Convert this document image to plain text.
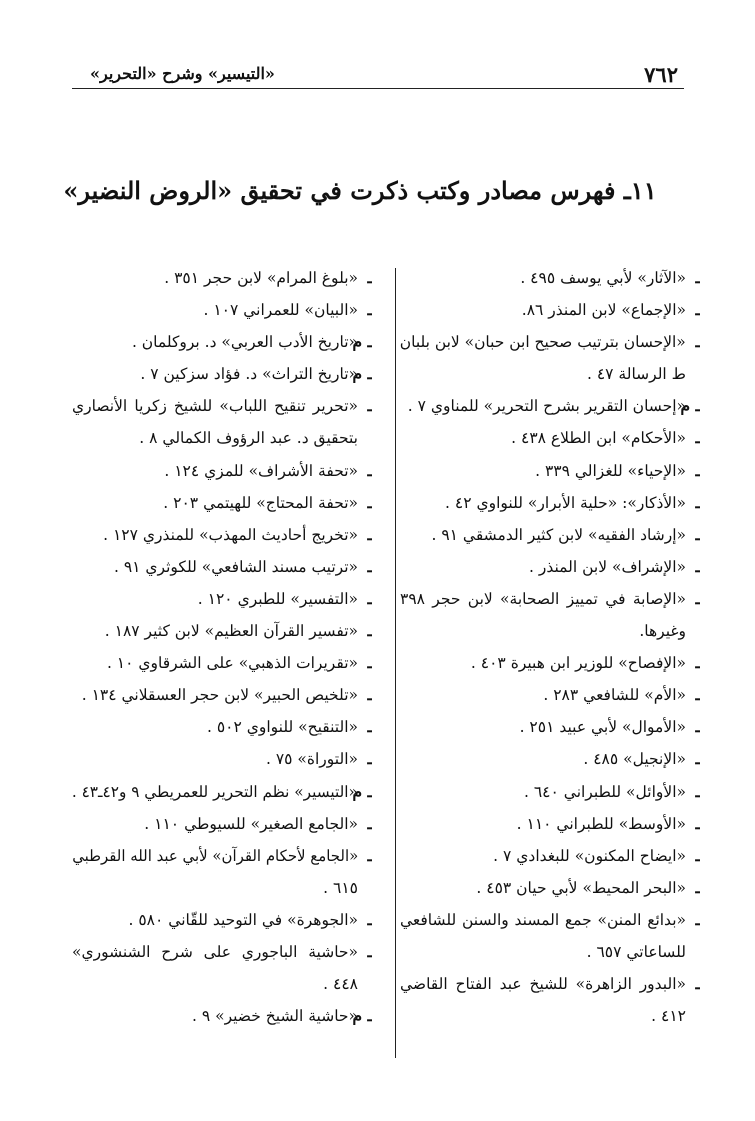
٧٦٢
«التيسير» وشرح «التحرير»
١١ـ فهرس مصادر وكتب ذكرت في تحقيق «الروض النضير»
ـ
«الآثار» لأبي يوسف ٤٩٥ .
ـ
«الإجماع» لابن المنذر ٨٦.
ـ
«الإحسان بترتيب صحيح ابن حبان» لابن بلبان
ط الرسالة ٤٧ .
ـ م
«إحسان التقرير بشرح التحرير» للمناوي ٧ .
ـ
«الأحكام» ابن الطلاع ٤٣٨ .
ـ
«الإحياء» للغزالي ٣٣٩ .
ـ
«الأذكار»: «حلية الأبرار» للنواوي ٤٢ .
ـ
«إرشاد الفقيه» لابن كثير الدمشقي ٩١ .
ـ
«الإشراف» لابن المنذر .
ـ
«الإصابة في تمييز الصحابة» لابن حجر ٣٩٨
وغيرها.
ـ
«الإفصاح» للوزير ابن هبيرة ٤٠٣ .
ـ
«الأم» للشافعي ٢٨٣ .
ـ
«الأموال» لأبي عبيد ٢٥١ .
ـ
«الإنجيل» ٤٨٥ .
ـ
«الأوائل» للطبراني ٦٤٠ .
ـ
«الأوسط» للطبراني ١١٠ .
ـ
«ايضاح المكنون» للبغدادي ٧ .
ـ
«البحر المحيط» لأبي حيان ٤٥٣ .
ـ
«بدائع المنن» جمع المسند والسنن للشافعي
للساعاتي ٦٥٧ .
ـ
«البدور الزاهرة» للشيخ عبد الفتاح القاضي
٤١٢ .
ـ
«بلوغ المرام» لابن حجر ٣٥١ .
ـ
«البيان» للعمراني ١٠٧ .
ـ م
«تاريخ الأدب العربي» د. بروكلمان .
ـ م
«تاريخ التراث» د. فؤاد سزكين ٧ .
ـ
«تحرير تنقيح اللباب» للشيخ زكريا الأنصاري
بتحقيق د. عبد الرؤوف الكمالي ٨ .
ـ
«تحفة الأشراف» للمزي ١٢٤ .
ـ
«تحفة المحتاج» للهيتمي ٢٠٣ .
ـ
«تخريج أحاديث المهذب» للمنذري ١٢٧ .
ـ
«ترتيب مسند الشافعي» للكوثري ٩١ .
ـ
«التفسير» للطبري ١٢٠ .
ـ
«تفسير القرآن العظيم» لابن كثير ١٨٧ .
ـ
«تقريرات الذهبي» على الشرقاوي ١٠ .
ـ
«تلخيص الحبير» لابن حجر العسقلاني ١٣٤ .
ـ
«التنقيح» للنواوي ٥٠٢ .
ـ
«التوراة» ٧٥ .
ـ م
«التيسير» نظم التحرير للعمريطي ٩ و٤٢ـ٤٣ .
ـ
«الجامع الصغير» للسيوطي ١١٠ .
ـ
«الجامع لأحكام القرآن» لأبي عبد الله القرطبي
٦١٥ .
ـ
«الجوهرة» في التوحيد للقّاني ٥٨٠ .
ـ
«حاشية الباجوري على شرح الشنشوري»
٤٤٨ .
ـ م
«حاشية الشيخ خضير» ٩ .
